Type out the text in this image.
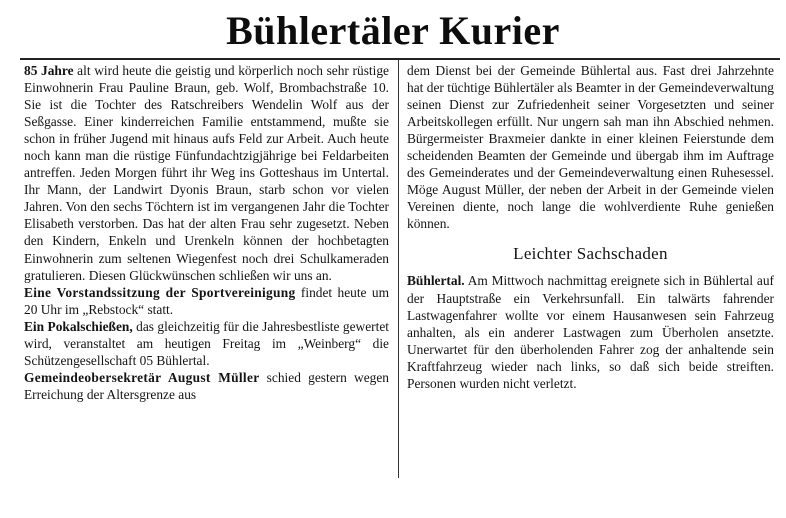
Bühlertäler Kurier

85 Jahre alt wird heute die geistig und körperlich noch sehr rüstige Einwohnerin Frau Pauline Braun, geb. Wolf, Brombachstraße 10. Sie ist die Tochter des Ratschreibers Wendelin Wolf aus der Seßgasse. Einer kinderreichen Familie entstammend, mußte sie schon in früher Jugend mit hinaus aufs Feld zur Arbeit. Auch heute noch kann man die rüstige Fünfundachtzigjährige bei Feldarbeiten antreffen. Jeden Morgen führt ihr Weg ins Gotteshaus im Untertal. Ihr Mann, der Landwirt Dyonis Braun, starb schon vor vielen Jahren. Von den sechs Töchtern ist im vergangenen Jahr die Tochter Elisabeth verstorben. Das hat der alten Frau sehr zugesetzt. Neben den Kindern, Enkeln und Urenkeln können der hochbetagten Einwohnerin zum seltenen Wiegenfest noch drei Schulkameraden gratulieren. Diesen Glückwünschen schließen wir uns an.

Eine Vorstandssitzung der Sportvereinigung findet heute um 20 Uhr im „Rebstock“ statt.

Ein Pokalschießen, das gleichzeitig für die Jahresbestliste gewertet wird, veranstaltet am heutigen Freitag im „Weinberg“ die Schützengesellschaft 05 Bühlertal.

Gemeindeobersekretär August Müller schied gestern wegen Erreichung der Altersgrenze aus

dem Dienst bei der Gemeinde Bühlertal aus. Fast drei Jahrzehnte hat der tüchtige Bühlertäler als Beamter in der Gemeindeverwaltung seinen Dienst zur Zufriedenheit seiner Vorgesetzten und seiner Arbeitskollegen erfüllt. Nur ungern sah man ihn Abschied nehmen. Bürgermeister Braxmeier dankte in einer kleinen Feierstunde dem scheidenden Beamten der Gemeinde und übergab ihm im Auftrage des Gemeinderates und der Gemeindeverwaltung einen Ruhesessel. Möge August Müller, der neben der Arbeit in der Gemeinde vielen Vereinen diente, noch lange die wohlverdiente Ruhe genießen können.

Leichter Sachschaden

Bühlertal. Am Mittwoch nachmittag ereignete sich in Bühlertal auf der Hauptstraße ein Verkehrsunfall. Ein talwärts fahrender Lastwagenfahrer wollte vor einem Hausanwesen sein Fahrzeug anhalten, als ein anderer Lastwagen zum Überholen ansetzte. Unerwartet für den überholenden Fahrer zog der anhaltende sein Kraftfahrzeug wieder nach links, so daß sich beide streiften. Personen wurden nicht verletzt.
